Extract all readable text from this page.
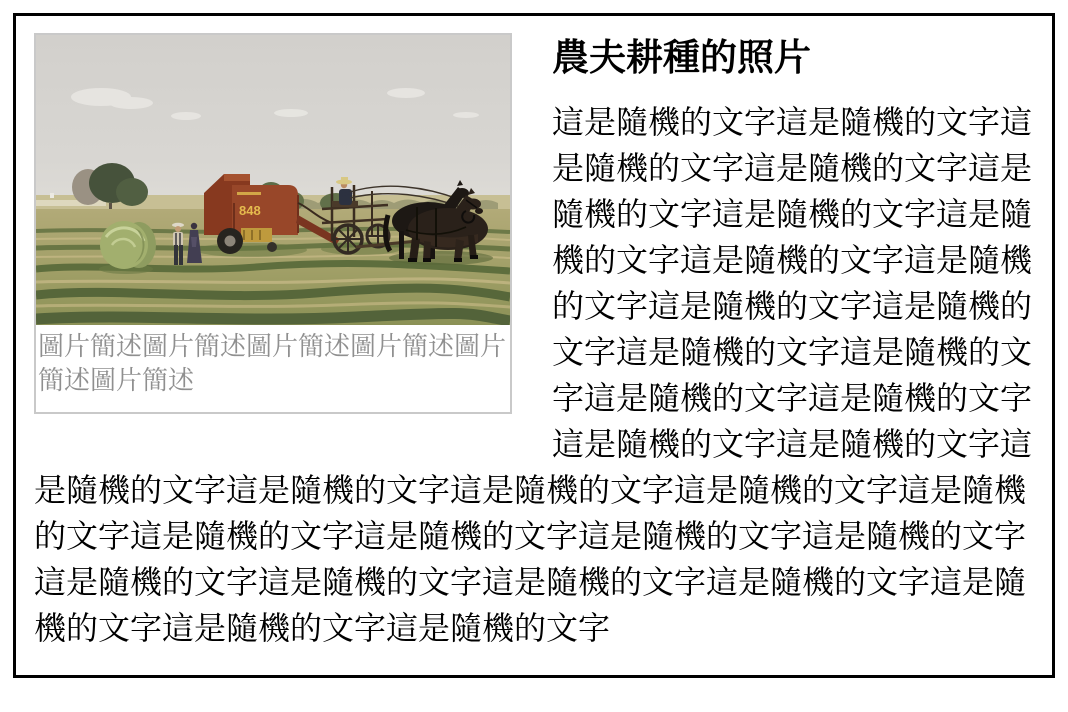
848
圖片簡述圖片簡述圖片簡述圖片簡述圖片簡述圖片簡述
農夫耕種的照片

這是隨機的文字這是隨機的文字這是隨機的文字這是隨機的文字這是隨機的文字這是隨機的文字這是隨機的文字這是隨機的文字這是隨機的文字這是隨機的文字這是隨機的文字這是隨機的文字這是隨機的文字這是隨機的文字這是隨機的文字這是隨機的文字這是隨機的文字這是隨機的文字這是隨機的文字這是隨機的文字這是隨機的文字這是隨機的文字這是隨機的文字這是隨機的文字這是隨機的文字這是隨機的文字這是隨機的文字這是隨機的文字這是隨機的文字這是隨機的文字這是隨機的文字這是隨機的文字這是隨機的文字
